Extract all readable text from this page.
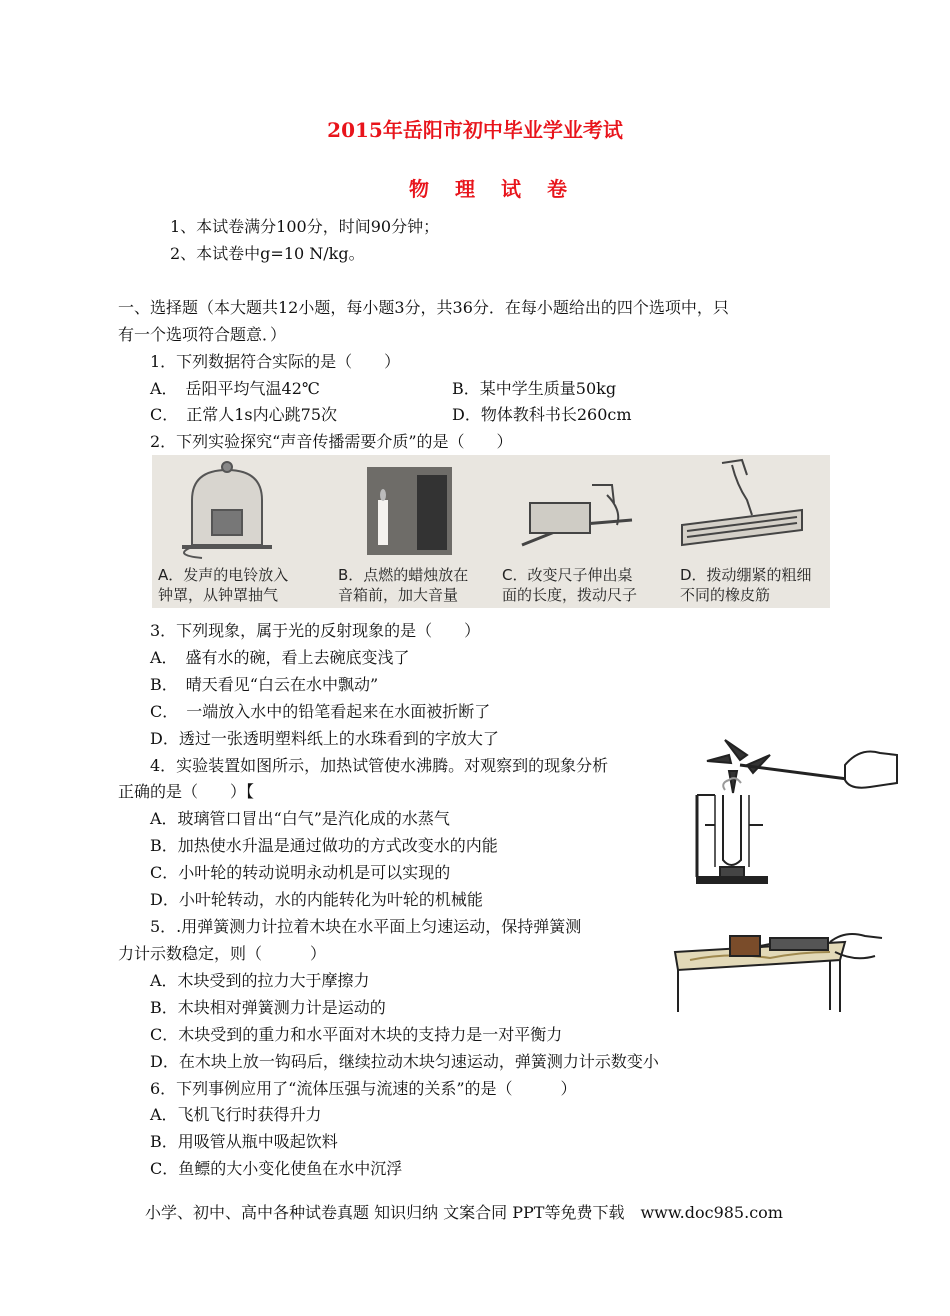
2015年岳阳市初中毕业学业考试
物理试卷
1、本试卷满分100分，时间90分钟；
2、本试卷中g=10 N/kg。
一、选择题（本大题共12小题，每小题3分，共36分．在每小题给出的四个选项中，只
有一个选项符合题意．）
1．下列数据符合实际的是（　　）
A．　岳阳平均气温42℃	B．某中学生质量50kg
C．　正常人1s内心跳75次	D．物体教科书长260cm
2．下列实验探究“声音传播需要介质”的是（　　）
A．发声的电铃放入
钟罩，从钟罩抽气
B．点燃的蜡烛放在
音箱前，加大音量
C．改变尺子伸出桌
面的长度，拨动尺子
D．拨动绷紧的粗细
不同的橡皮筋
3．下列现象，属于光的反射现象的是（　　）
A．　盛有水的碗，看上去碗底变浅了
B．　晴天看见“白云在水中飘动”
C．　一端放入水中的铅笔看起来在水面被折断了
D．透过一张透明塑料纸上的水珠看到的字放大了
4．实验装置如图所示，加热试管使水沸腾。对观察到的现象分析
正确的是（　　）【
A．玻璃管口冒出“白气”是汽化成的水蒸气
B．加热使水升温是通过做功的方式改变水的内能
C．小叶轮的转动说明永动机是可以实现的
D．小叶轮转动，水的内能转化为叶轮的机械能
5．.用弹簧测力计拉着木块在水平面上匀速运动，保持弹簧测
力计示数稳定，则（　　　）
A．木块受到的拉力大于摩擦力
B．木块相对弹簧测力计是运动的
C．木块受到的重力和水平面对木块的支持力是一对平衡力
D．在木块上放一钩码后，继续拉动木块匀速运动，弹簧测力计示数变小
6．下列事例应用了“流体压强与流速的关系”的是（　　　）
A．飞机飞行时获得升力
B．用吸管从瓶中吸起饮料
C．鱼鳔的大小变化使鱼在水中沉浮
小学、初中、高中各种试卷真题 知识归纳 文案合同 PPT等免费下载　www.doc985.com
